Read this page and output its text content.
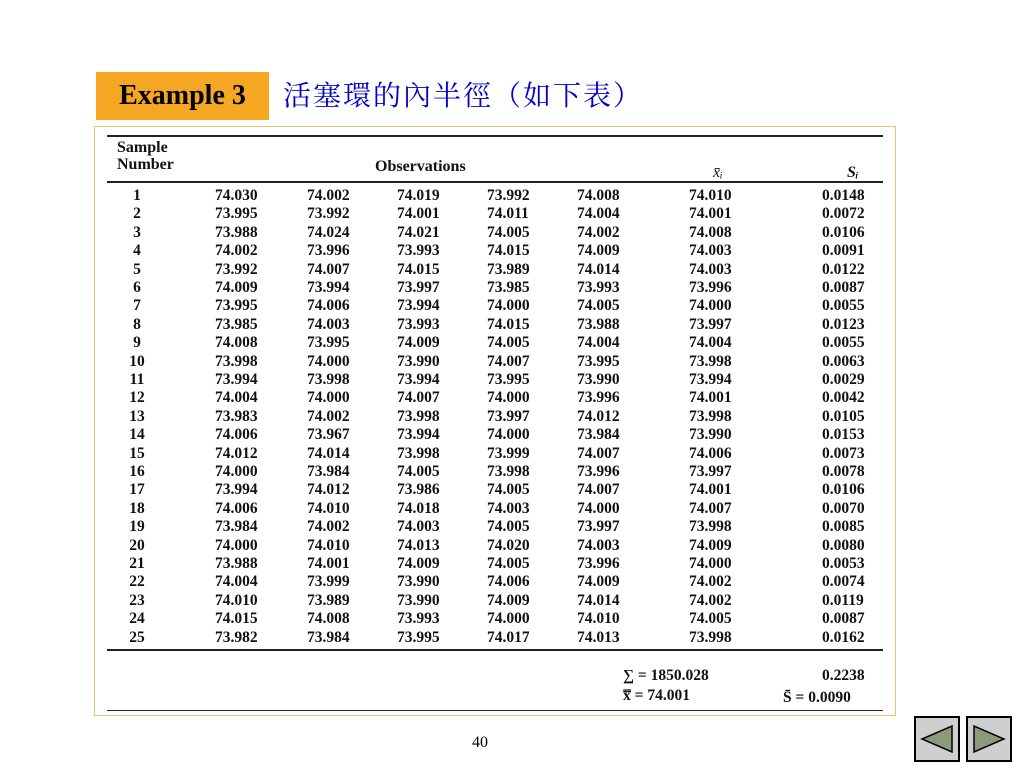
Example 3	活塞環的內半徑（如下表）
Sample
Number	Observations	x̄ᵢ	Sᵢ
1	74.030	74.002	74.019	73.992	74.008	74.010	0.0148
2	73.995	73.992	74.001	74.011	74.004	74.001	0.0072
3	73.988	74.024	74.021	74.005	74.002	74.008	0.0106
4	74.002	73.996	73.993	74.015	74.009	74.003	0.0091
5	73.992	74.007	74.015	73.989	74.014	74.003	0.0122
6	74.009	73.994	73.997	73.985	73.993	73.996	0.0087
7	73.995	74.006	73.994	74.000	74.005	74.000	0.0055
8	73.985	74.003	73.993	74.015	73.988	73.997	0.0123
9	74.008	73.995	74.009	74.005	74.004	74.004	0.0055
10	73.998	74.000	73.990	74.007	73.995	73.998	0.0063
11	73.994	73.998	73.994	73.995	73.990	73.994	0.0029
12	74.004	74.000	74.007	74.000	73.996	74.001	0.0042
13	73.983	74.002	73.998	73.997	74.012	73.998	0.0105
14	74.006	73.967	73.994	74.000	73.984	73.990	0.0153
15	74.012	74.014	73.998	73.999	74.007	74.006	0.0073
16	74.000	73.984	74.005	73.998	73.996	73.997	0.0078
17	73.994	74.012	73.986	74.005	74.007	74.001	0.0106
18	74.006	74.010	74.018	74.003	74.000	74.007	0.0070
19	73.984	74.002	74.003	74.005	73.997	73.998	0.0085
20	74.000	74.010	74.013	74.020	74.003	74.009	0.0080
21	73.988	74.001	74.009	74.005	73.996	74.000	0.0053
22	74.004	73.999	73.990	74.006	74.009	74.002	0.0074
23	74.010	73.989	73.990	74.009	74.014	74.002	0.0119
24	74.015	74.008	73.993	74.000	74.010	74.005	0.0087
25	73.982	73.984	73.995	74.017	74.013	73.998	0.0162
∑ = 1850.028	0.2238
x̿ = 74.001	S̄ = 0.0090
40
